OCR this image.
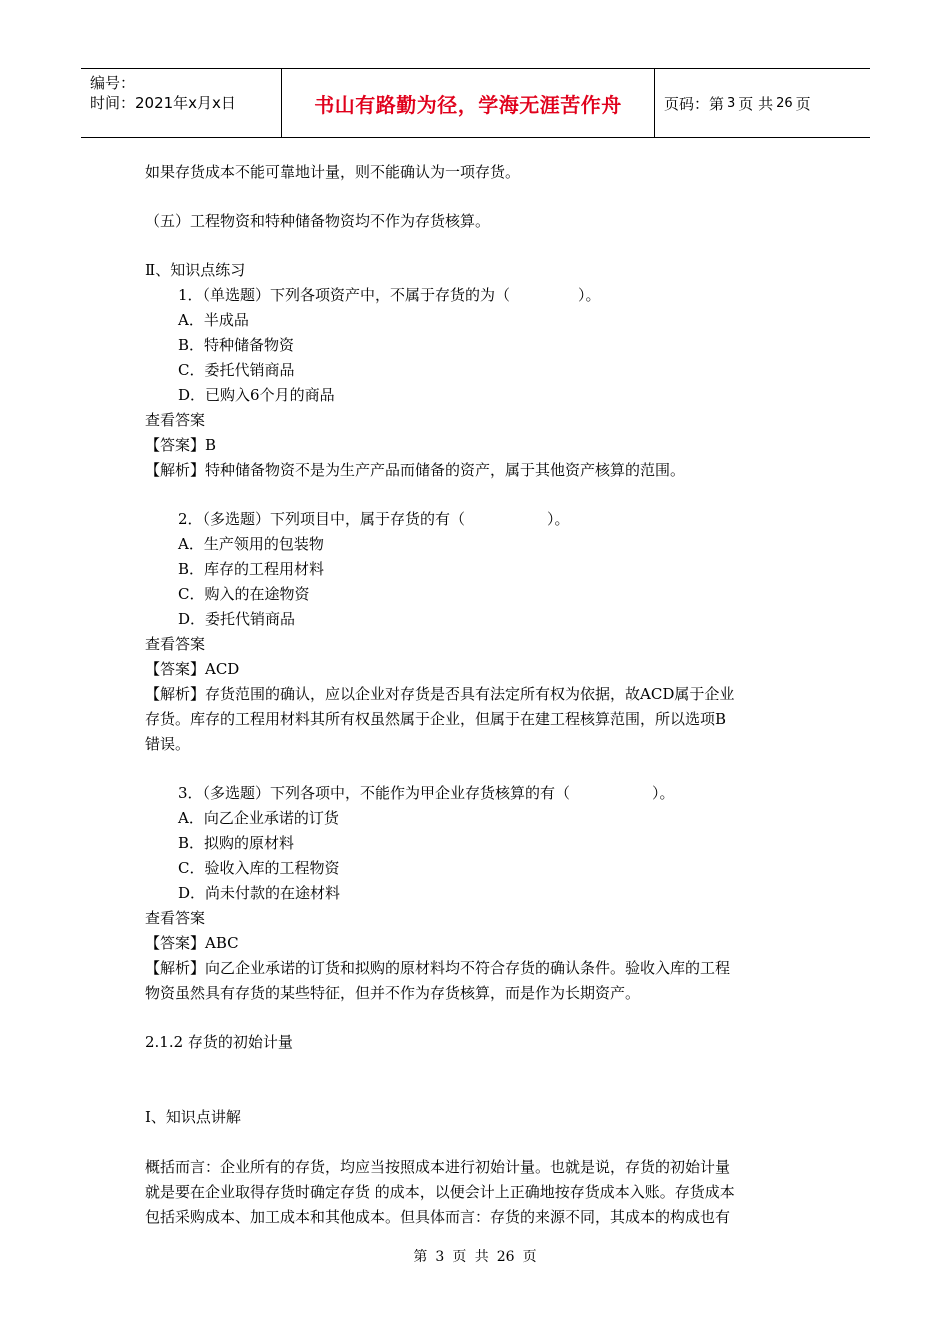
编号：
时间：2021年x月x日	书山有路勤为径，学海无涯苦作舟	页码：第 3 页 共 26 页
如果存货成本不能可靠地计量，则不能确认为一项存货。
（五）工程物资和特种储备物资均不作为存货核算。
Ⅱ、知识点练习
1．（单选题）下列各项资产中，不属于存货的为（	）。
A．半成品
B．特种储备物资
C．委托代销商品
D．已购入6个月的商品
查看答案
【答案】B
【解析】特种储备物资不是为生产产品而储备的资产，属于其他资产核算的范围。
2．（多选题）下列项目中，属于存货的有（	）。
A．生产领用的包装物
B．库存的工程用材料
C．购入的在途物资
D．委托代销商品
查看答案
【答案】ACD
【解析】存货范围的确认，应以企业对存货是否具有法定所有权为依据，故ACD属于企业
存货。库存的工程用材料其所有权虽然属于企业，但属于在建工程核算范围，所以选项B
错误。
3．（多选题）下列各项中，不能作为甲企业存货核算的有（	）。
A．向乙企业承诺的订货
B．拟购的原材料
C．验收入库的工程物资
D．尚未付款的在途材料
查看答案
【答案】ABC
【解析】向乙企业承诺的订货和拟购的原材料均不符合存货的确认条件。验收入库的工程
物资虽然具有存货的某些特征，但并不作为存货核算，而是作为长期资产。
2.1.2 存货的初始计量
Ⅰ、知识点讲解
概括而言：企业所有的存货，均应当按照成本进行初始计量。也就是说，存货的初始计量
就是要在企业取得存货时确定存货 的成本，以便会计上正确地按存货成本入账。存货成本
包括采购成本、加工成本和其他成本。但具体而言：存货的来源不同，其成本的构成也有
第 3 页 共 26 页
